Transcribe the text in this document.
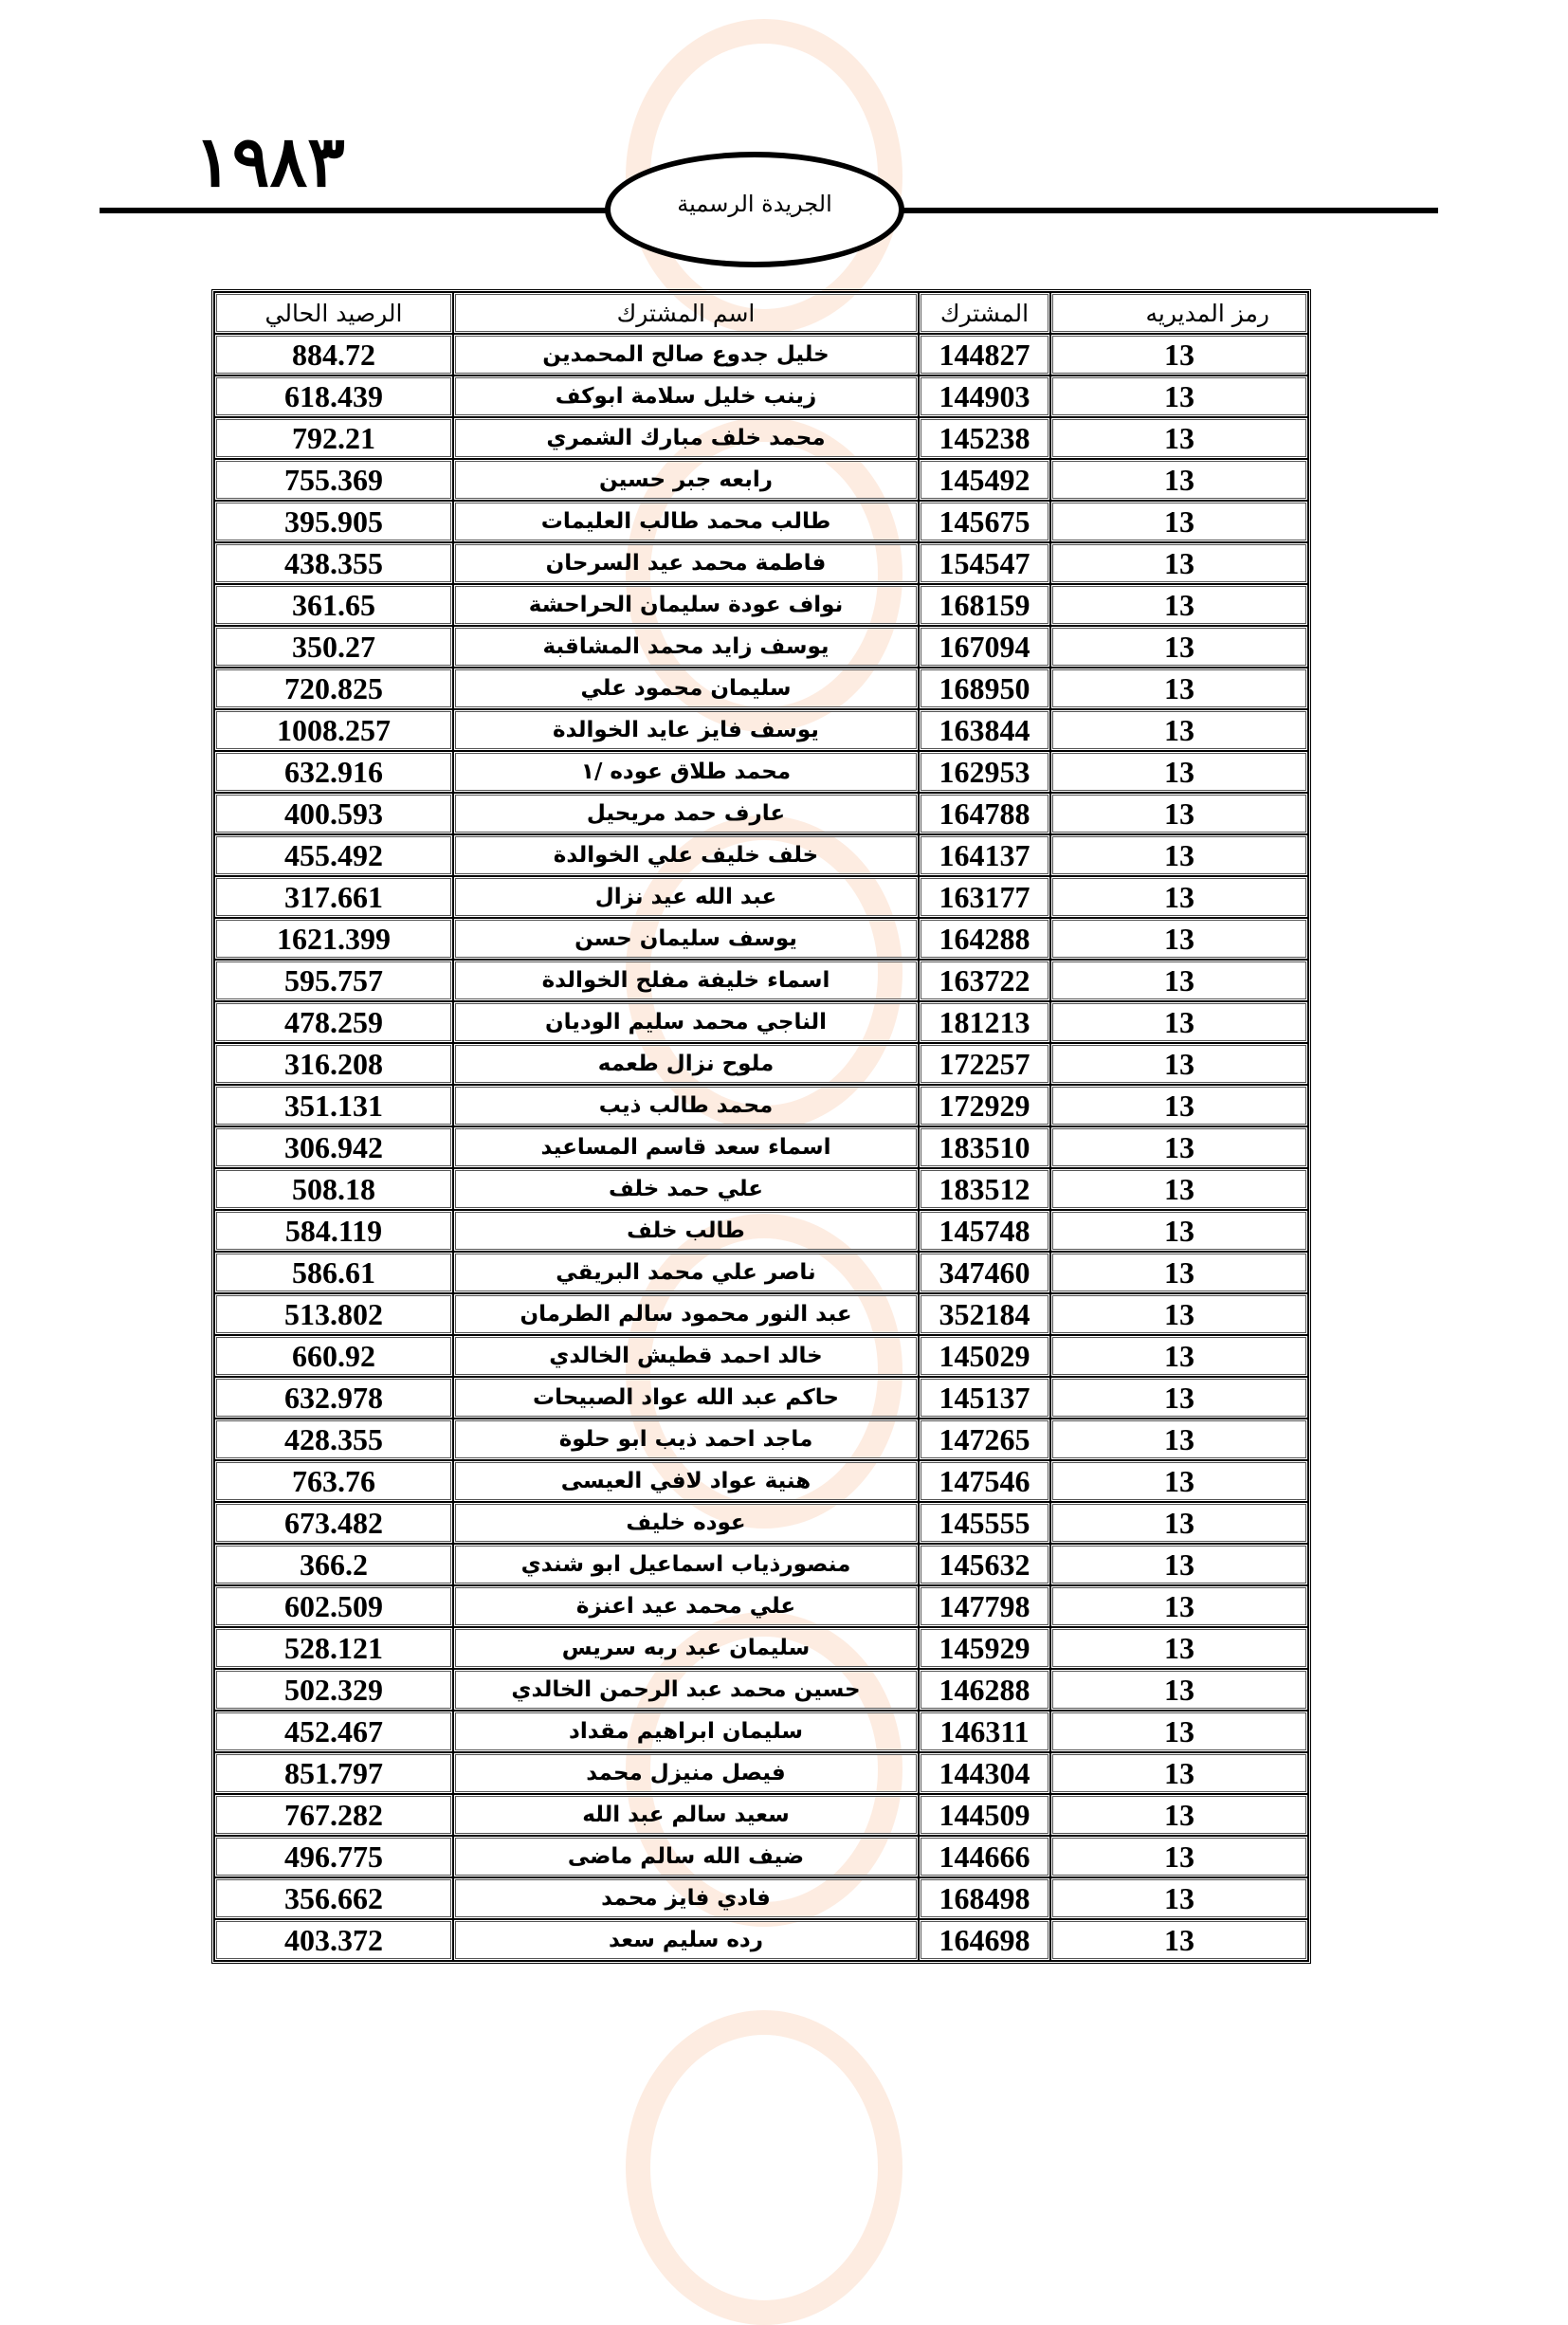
١٩٨٣
الجريدة الرسمية
رمز المديريه	المشترك	اسم المشترك	الرصيد الحالي
13	144827	خليل جدوع صالح المحمدين	884.72
13	144903	زينب خليل سلامة ابوكف	618.439
13	145238	محمد خلف مبارك الشمري	792.21
13	145492	رابعه جبر حسين	755.369
13	145675	طالب محمد طالب العليمات	395.905
13	154547	فاطمة محمد عيد السرحان	438.355
13	168159	نواف عودة سليمان الحراحشة	361.65
13	167094	يوسف زايد محمد المشاقبة	350.27
13	168950	سليمان محمود علي	720.825
13	163844	يوسف فايز عايد الخوالدة	1008.257
13	162953	محمد طلاق عوده /١	632.916
13	164788	عارف حمد مريحيل	400.593
13	164137	خلف خليف علي الخوالدة	455.492
13	163177	عبد الله عيد نزال	317.661
13	164288	يوسف سليمان حسن	1621.399
13	163722	اسماء خليفة مفلح الخوالدة	595.757
13	181213	الناجي محمد سليم الوديان	478.259
13	172257	ملوح نزال طعمه	316.208
13	172929	محمد طالب ذيب	351.131
13	183510	اسماء سعد قاسم المساعيد	306.942
13	183512	علي حمد خلف	508.18
13	145748	طالب خلف	584.119
13	347460	ناصر علي محمد البريقي	586.61
13	352184	عبد النور محمود سالم الطرمان	513.802
13	145029	خالد احمد قطيش الخالدي	660.92
13	145137	حاكم عبد الله عواد الصبيحات	632.978
13	147265	ماجد احمد ذيب ابو حلوة	428.355
13	147546	هنية عواد لافي العيسى	763.76
13	145555	عوده خليف	673.482
13	145632	منصورذياب اسماعيل ابو شندي	366.2
13	147798	علي محمد عيد اعنزة	602.509
13	145929	سليمان عبد ربه سريس	528.121
13	146288	حسين محمد عبد الرحمن الخالدي	502.329
13	146311	سليمان ابراهيم مقداد	452.467
13	144304	فيصل منيزل محمد	851.797
13	144509	سعيد سالم عبد الله	767.282
13	144666	ضيف الله سالم ماضى	496.775
13	168498	فادي فايز محمد	356.662
13	164698	رده سليم سعد	403.372
